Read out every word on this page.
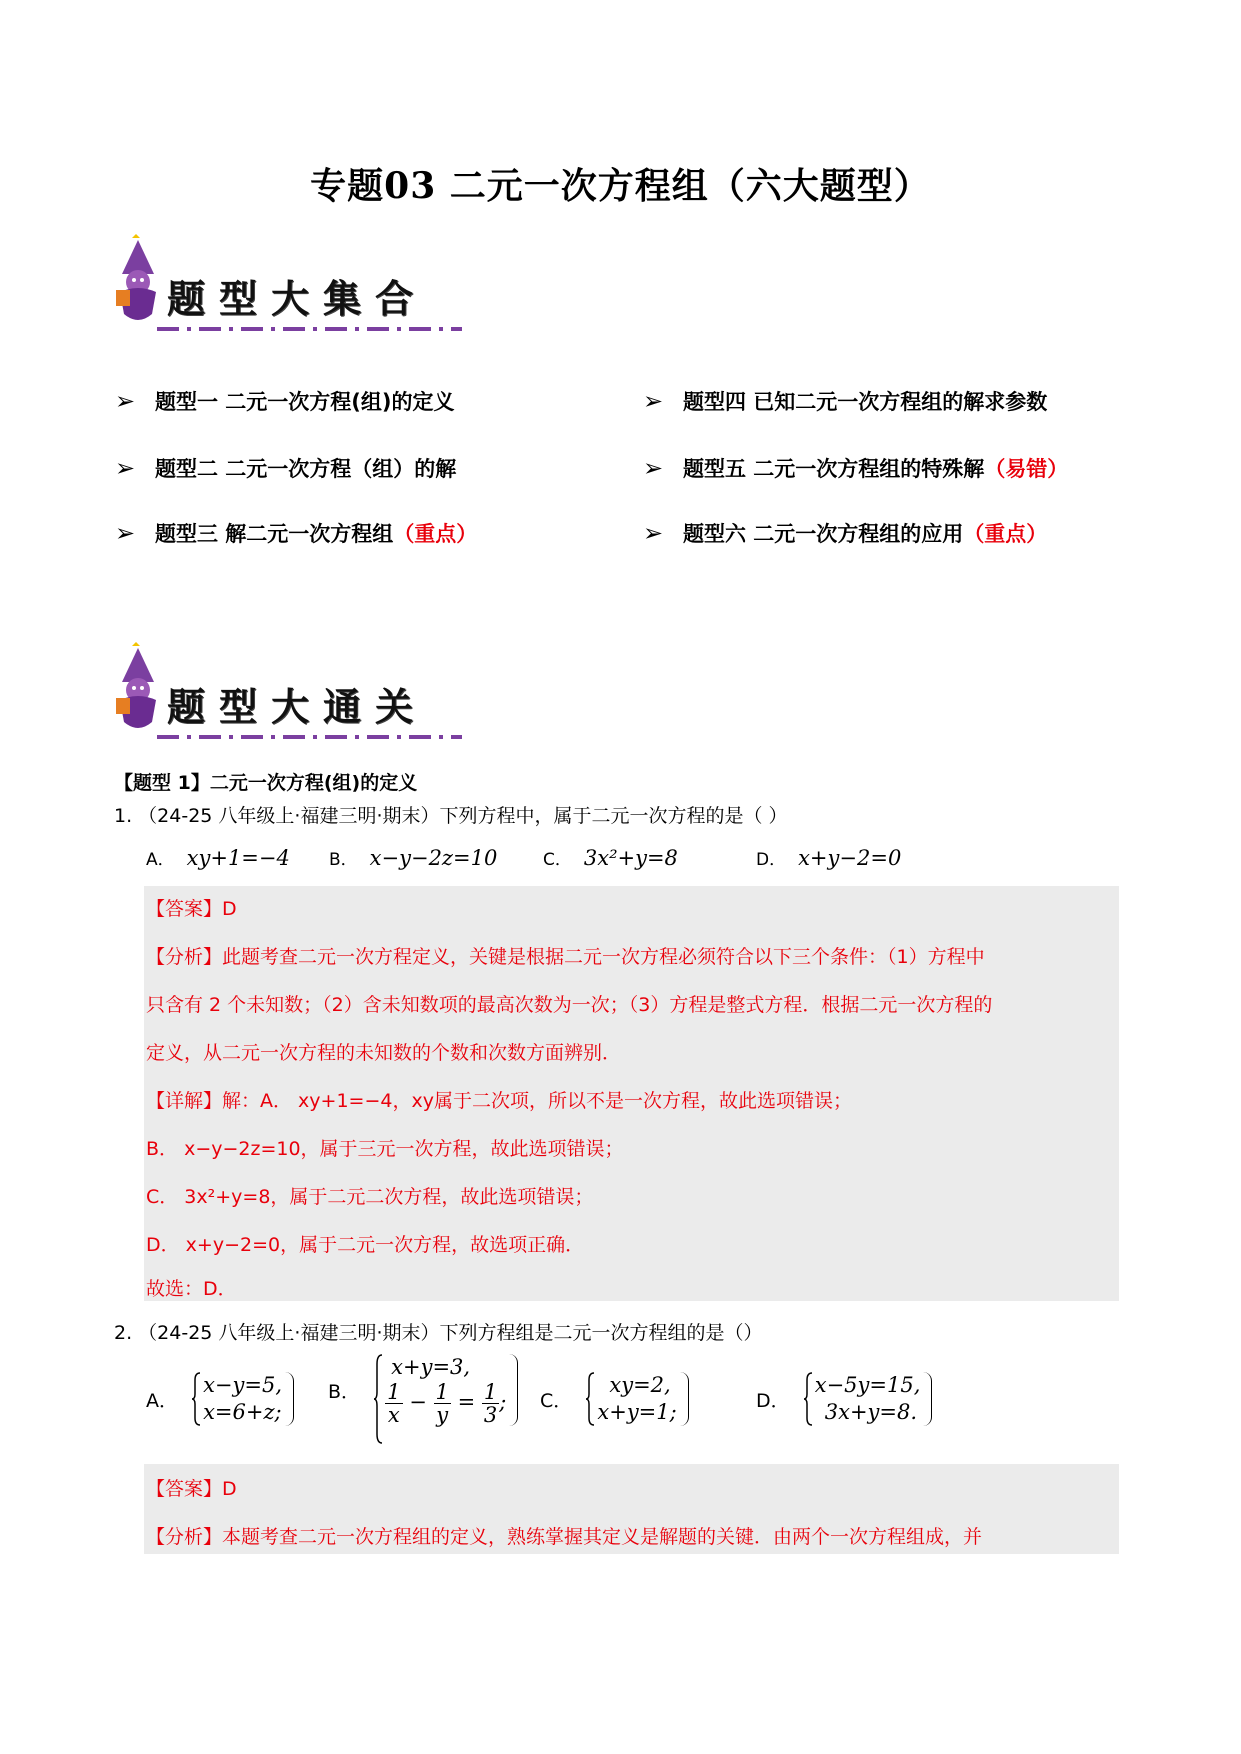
专题03 二元一次方程组（六大题型）
题型大集合
➢ 题型一 二元一次方程(组)的定义
➢ 题型二 二元一次方程（组）的解
➢ 题型三 解二元一次方程组（重点）
➢ 题型四 已知二元一次方程组的解求参数
➢ 题型五 二元一次方程组的特殊解（易错）
➢ 题型六 二元一次方程组的应用（重点）
题型大通关
【题型 1】二元一次方程(组)的定义
1. （24-25 八年级上·福建三明·期末）下列方程中，属于二元一次方程的是（ ）
A． xy+1=−4 B． x−y−2z=10	C． 3x²+y=8	D． x+y−2=0
【答案】D
【分析】此题考查二元一次方程定义，关键是根据二元一次方程必须符合以下三个条件：（1）方程中
只含有 2 个未知数；（2）含未知数项的最高次数为一次；（3）方程是整式方程．根据二元一次方程的
定义，从二元一次方程的未知数的个数和次数方面辨别．
【详解】解：A． xy+1=−4，xy属于二次项，所以不是一次方程，故此选项错误；
B． x−y−2z=10，属于三元一次方程，故此选项错误；
C． 3x²+y=8，属于二元二次方程，故此选项错误；
D． x+y−2=0，属于二元一次方程，故选项正确．
故选：D．
2. （24-25 八年级上·福建三明·期末）下列方程组是二元一次方程组的是（）
A．
x−y=5,
x=6+z;
B．
x+y=3,
$\frac{1}{x} - \frac{1}{y} = \frac{1}{3}$ ; C．
xy=2,
x+y=1;	D．
x−5y=15,
3x+y=8.
【答案】D
【分析】本题考查二元一次方程组的定义，熟练掌握其定义是解题的关键．由两个一次方程组成，并
